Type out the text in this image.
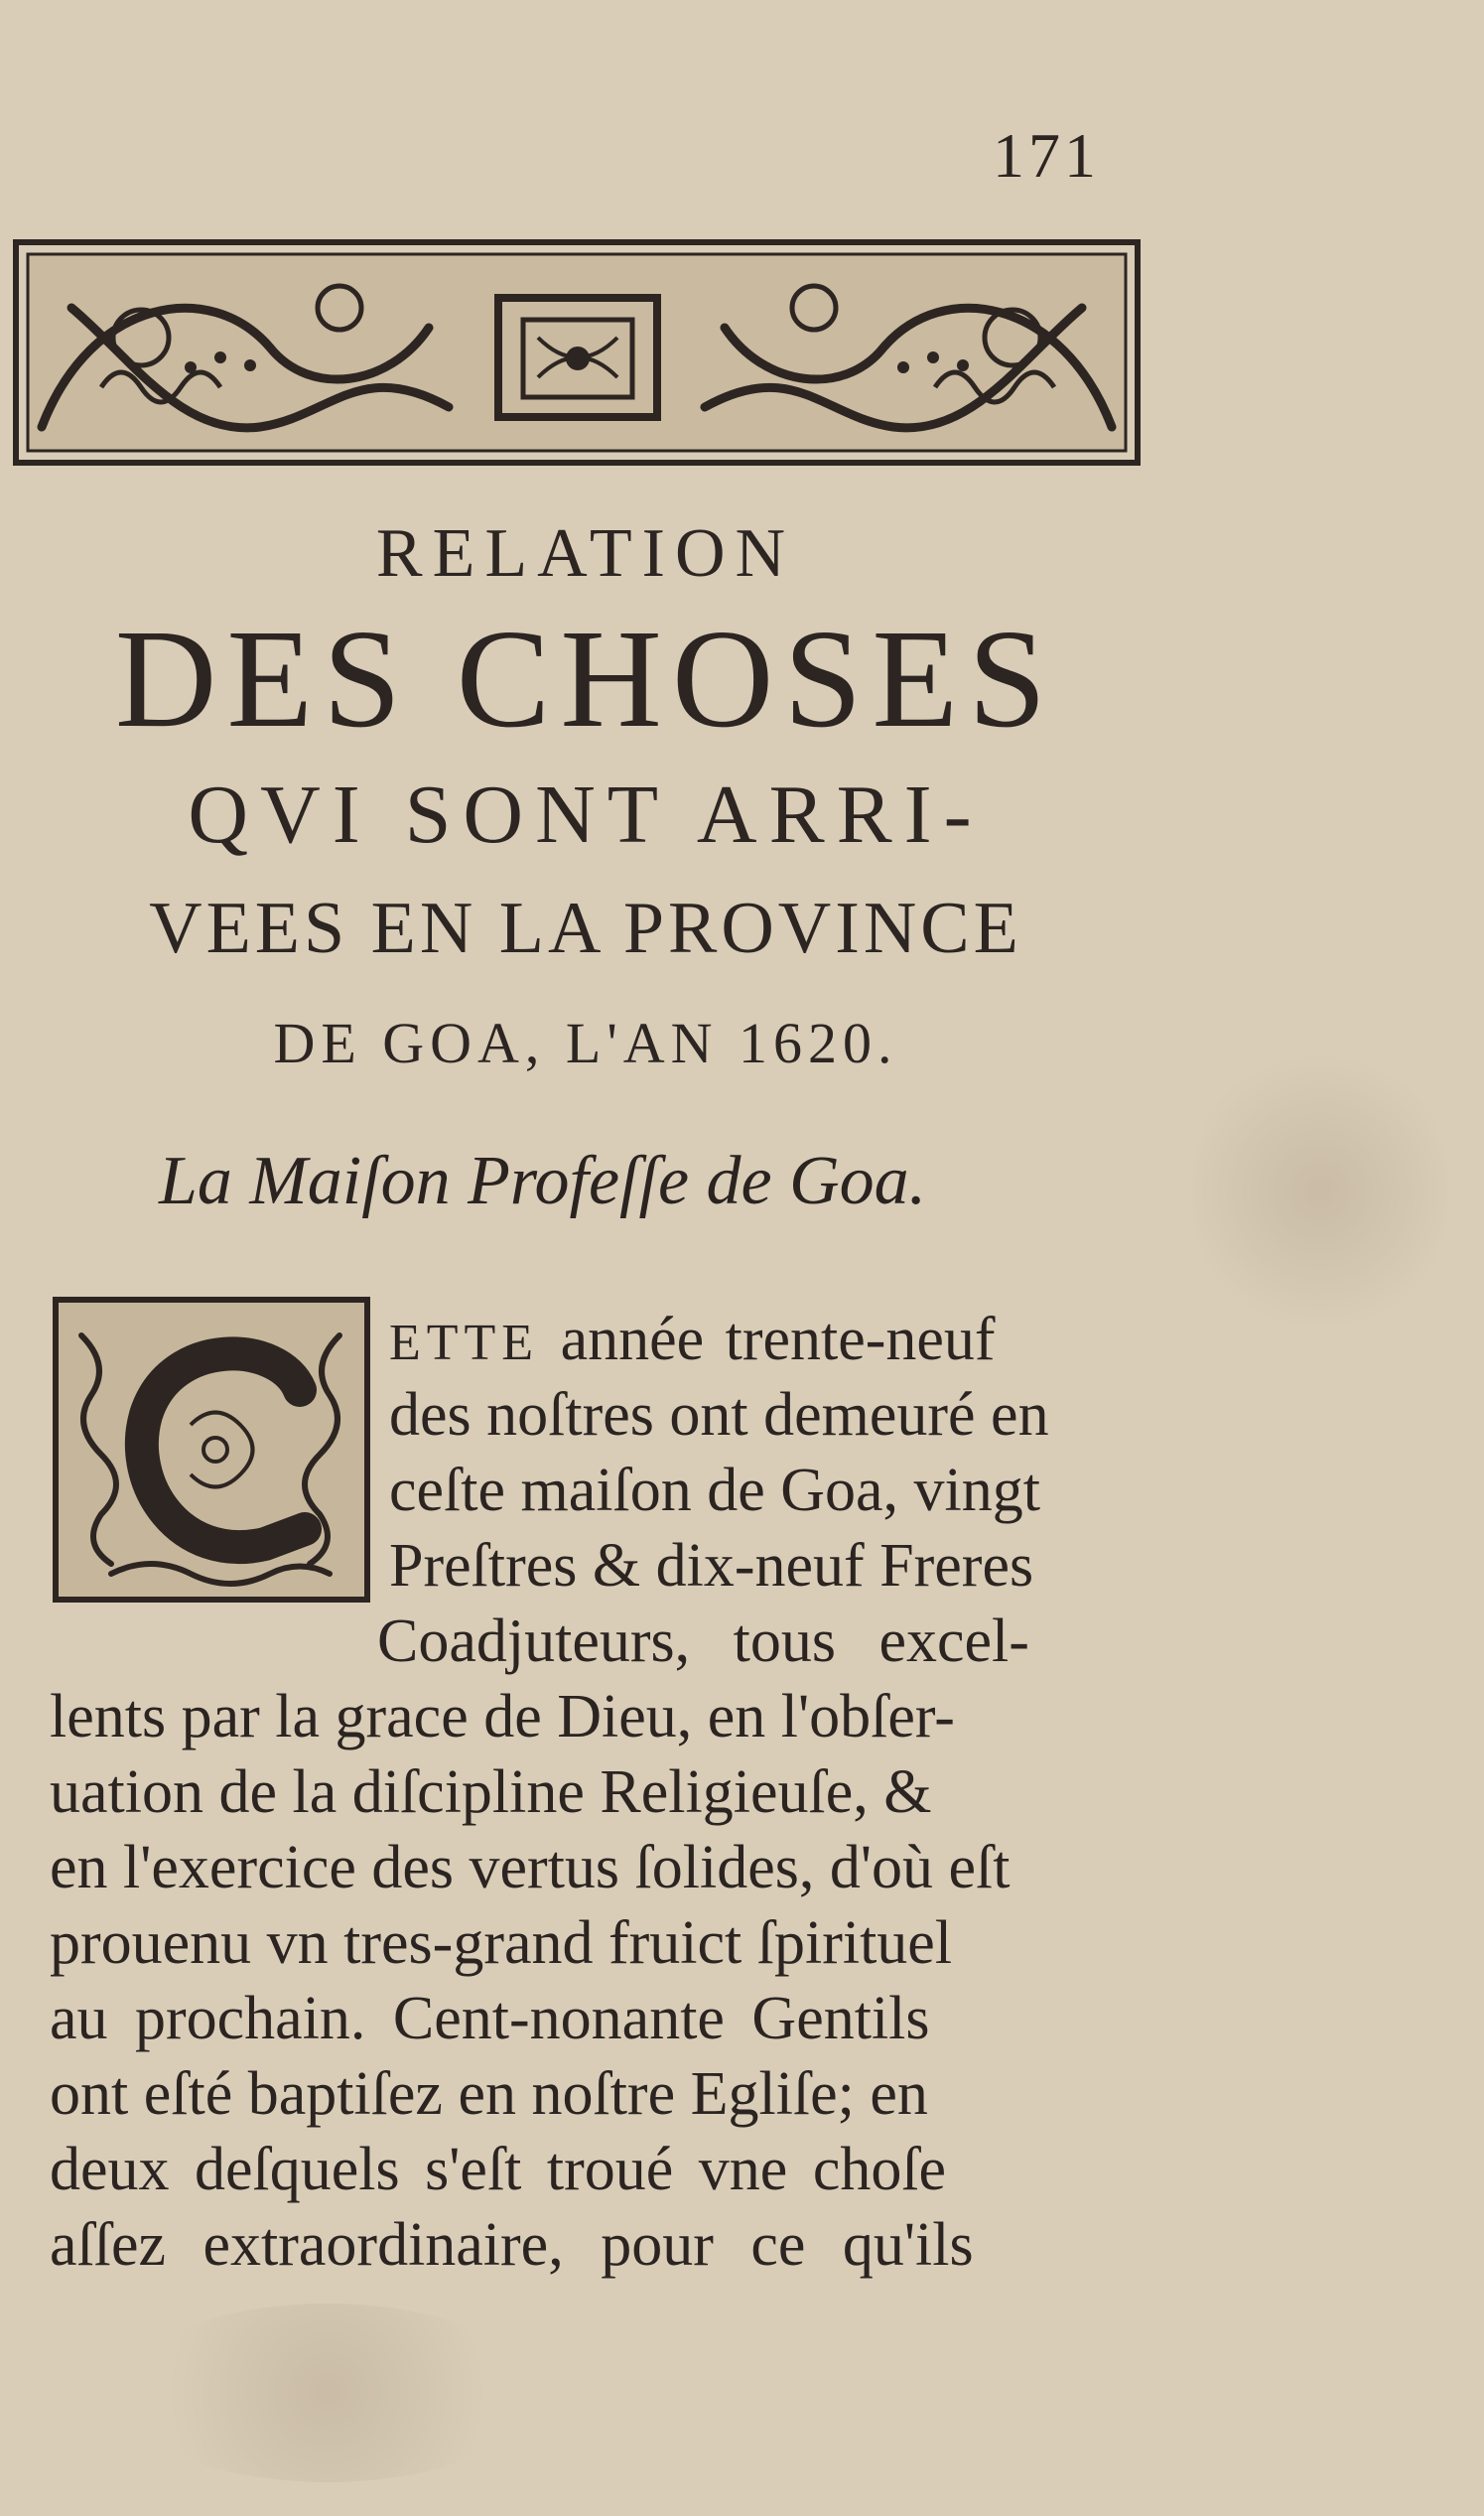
171
RELATION
DES CHOSES
QVI SONT ARRI-
VEES EN LA PROVINCE
DE GOA, L'AN 1620.
La Maiſon Profeſſe de Goa.
ETTE année trente-neuf
des noſtres ont demeuré en
ceſte maiſon de Goa, vingt
Preſtres & dix-neuf Freres
Coadjuteurs, tous excel-
lents par la grace de Dieu, en l'obſer-
uation de la diſcipline Religieuſe, &
en l'exercice des vertus ſolides, d'où eſt
prouenu vn tres-grand fruict ſpirituel
au prochain. Cent-nonante Gentils
ont eſté baptiſez en noſtre Egliſe; en
deux deſquels s'eſt troué vne choſe
aſſez extraordinaire, pour ce qu'ils
